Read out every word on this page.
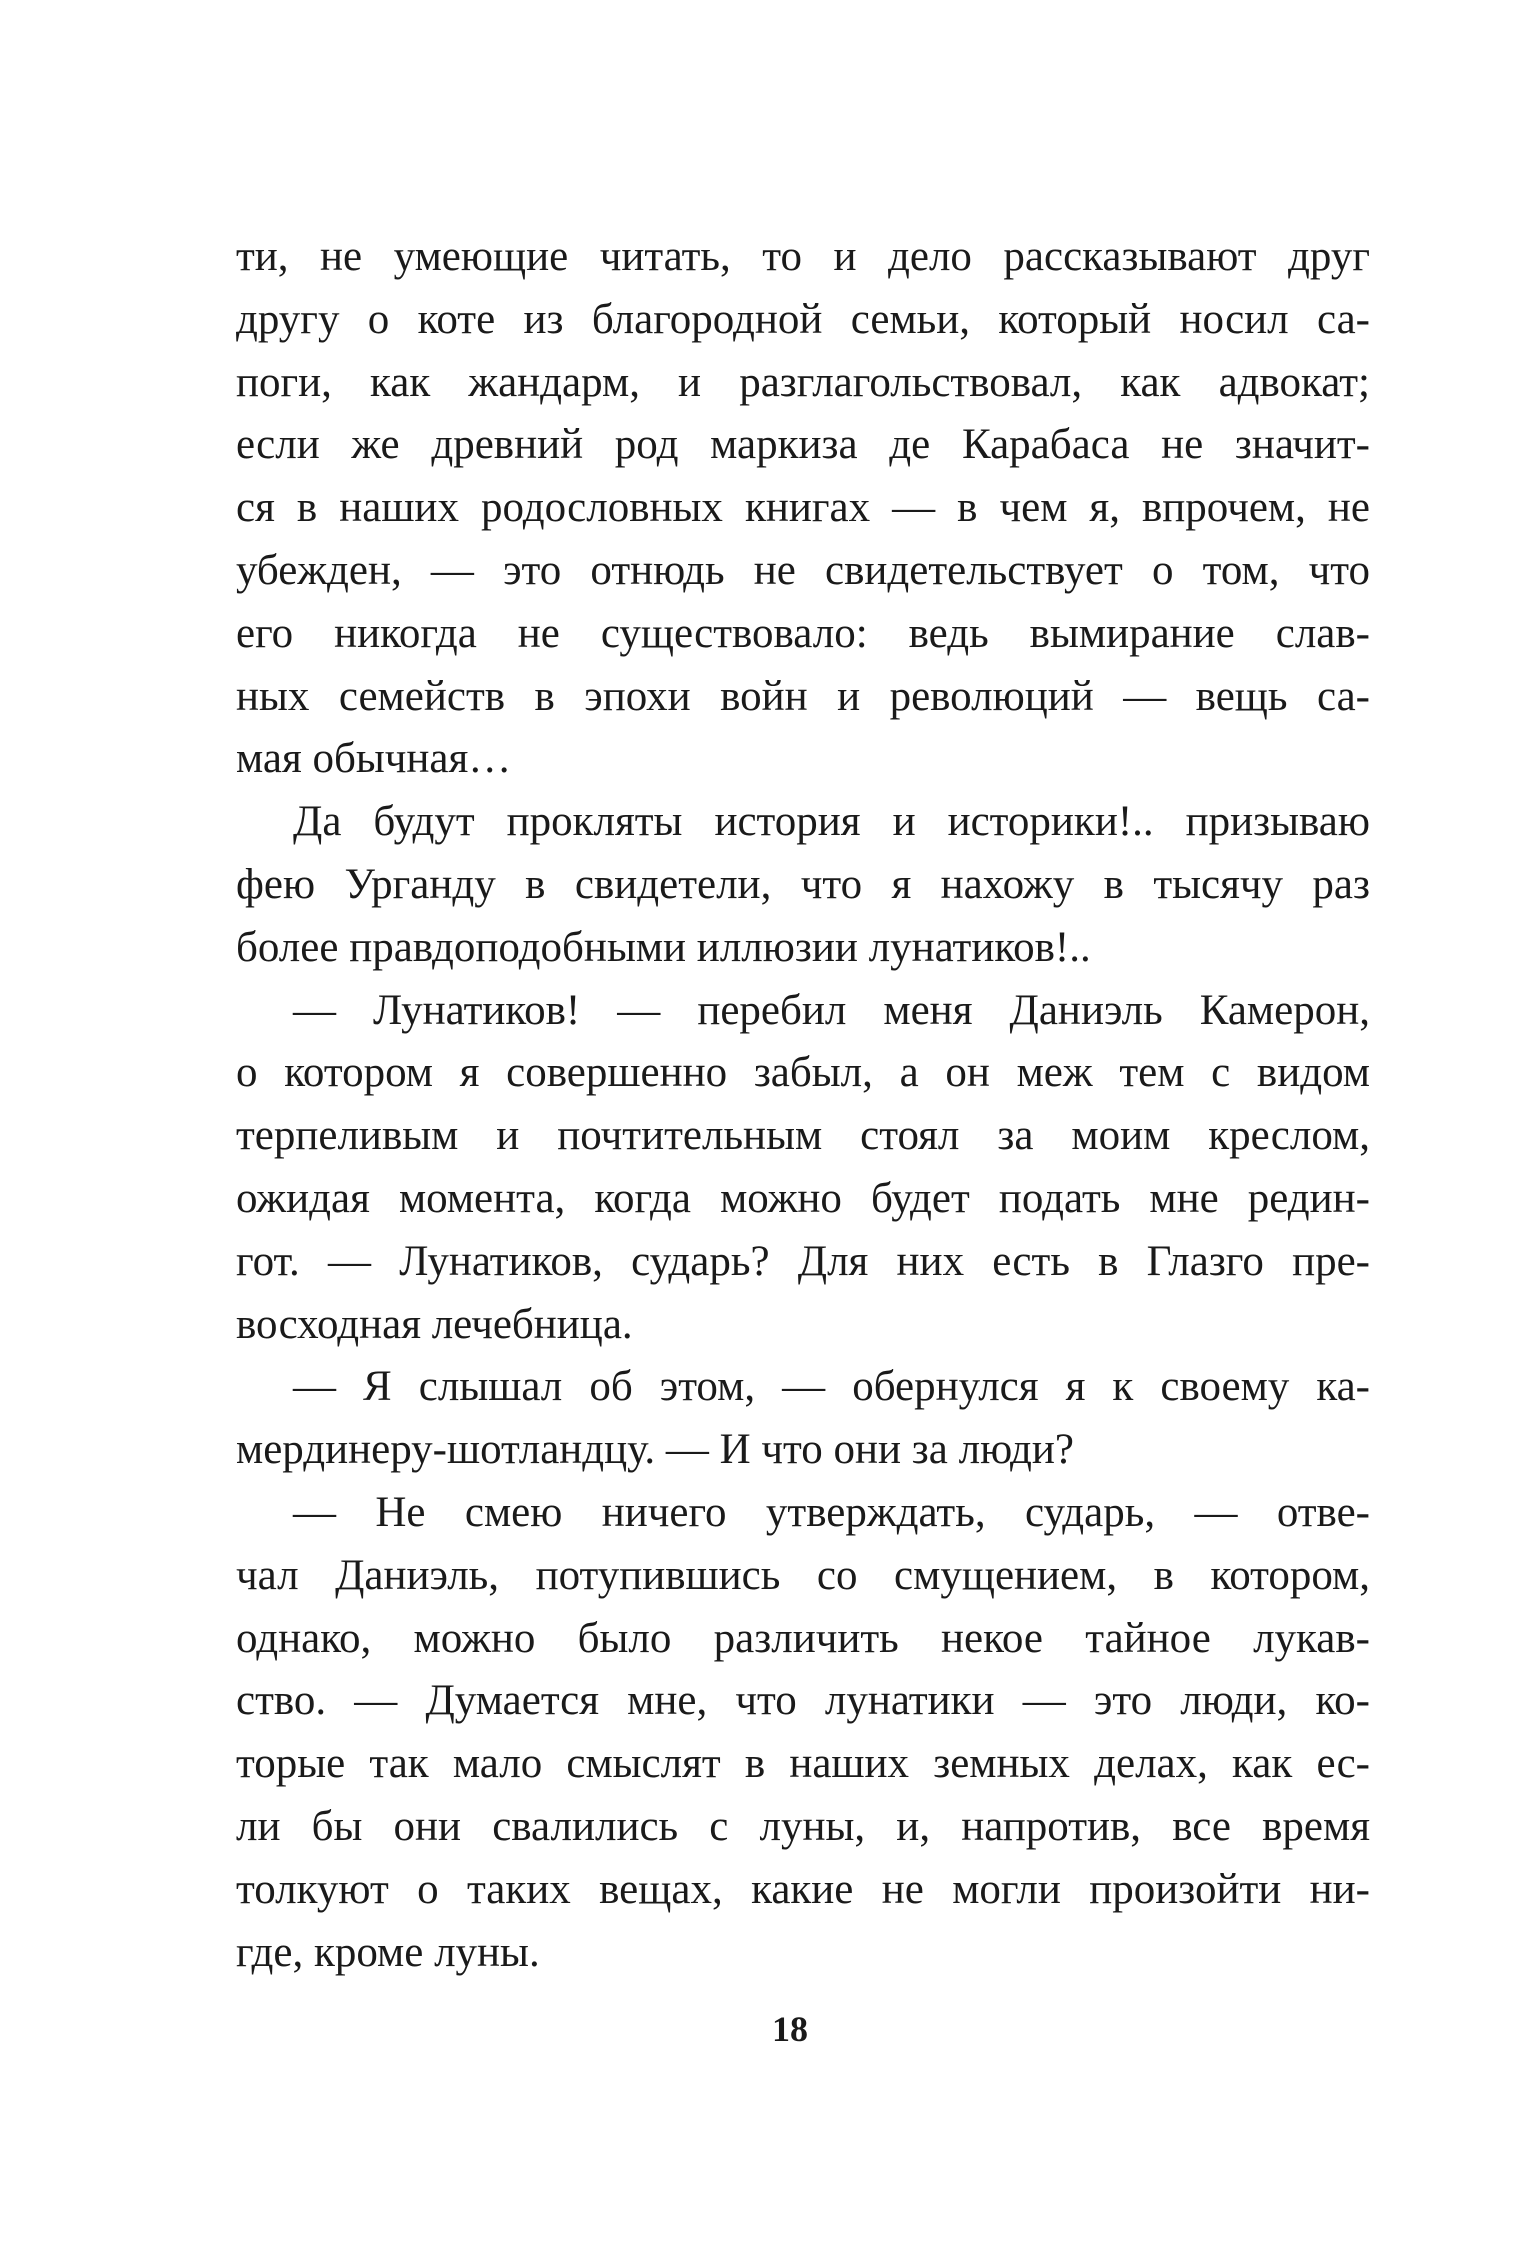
ти, не умеющие читать, то и дело рассказывают друг
другу о коте из благородной семьи, который носил са-
поги, как жандарм, и разглагольствовал, как адвокат;
если же древний род маркиза де Карабаса не значит-
ся в наших родословных книгах — в чем я, впрочем, не
убежден, — это отнюдь не свидетельствует о том, что
его никогда не существовало: ведь вымирание слав-
ных семейств в эпохи войн и революций — вещь са-
мая обычная…
Да будут прокляты история и историки!.. призываю
фею Урганду в свидетели, что я нахожу в тысячу раз
более правдоподобными иллюзии лунатиков!..
— Лунатиков! — перебил меня Даниэль Камерон,
о котором я совершенно забыл, а он меж тем с видом
терпеливым и почтительным стоял за моим креслом,
ожидая момента, когда можно будет подать мне редин-
гот. — Лунатиков, сударь? Для них есть в Глазго пре-
восходная лечебница.
— Я слышал об этом, — обернулся я к своему ка-
мердинеру-шотландцу. — И что они за люди?
— Не смею ничего утверждать, сударь, — отве-
чал Даниэль, потупившись со смущением, в котором,
однако, можно было различить некое тайное лукав-
ство. — Думается мне, что лунатики — это люди, ко-
торые так мало смыслят в наших земных делах, как ес-
ли бы они свалились с луны, и, напротив, все время
толкуют о таких вещах, какие не могли произойти ни-
где, кроме луны.
18
